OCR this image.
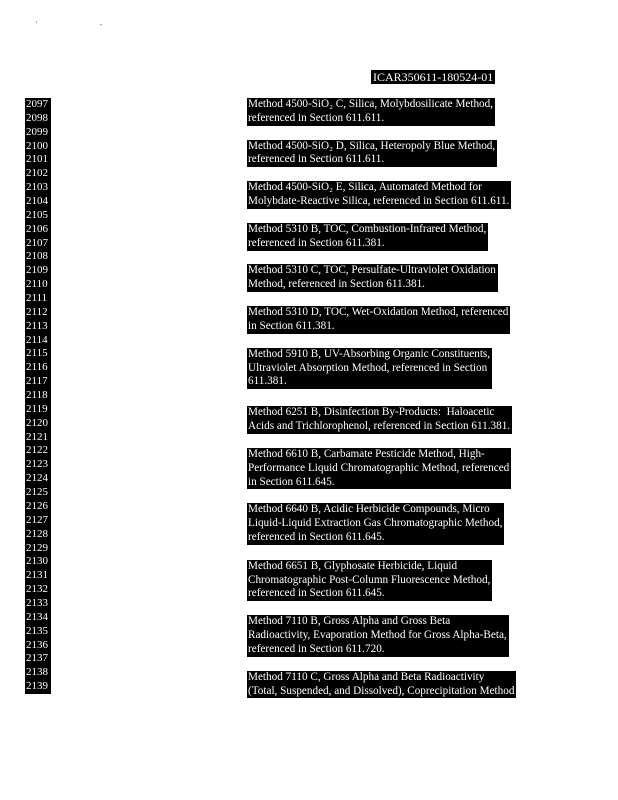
' -
ICAR350611-180524-01
2097
2098
2099
2100
2101
2102
2103
2104
2105
2106
2107
2108
2109
2110
2111
2112
2113
2114
2115
2116
2117
2118
2119
2120
2121
2122
2123
2124
2125
2126
2127
2128
2129
2130
2131
2132
2133
2134
2135
2136
2137
2138
2139
Method 4500-SiO₂ C, Silica, Molybdosilicate Method,
referenced in Section 611.611.
Method 4500-SiO₂ D, Silica, Heteropoly Blue Method,
referenced in Section 611.611.
Method 4500-SiO₂ E, Silica, Automated Method for
Molybdate-Reactive Silica, referenced in Section 611.611.
Method 5310 B, TOC, Combustion-Infrared Method,
referenced in Section 611.381.
Method 5310 C, TOC, Persulfate-Ultraviolet Oxidation
Method, referenced in Section 611.381.
Method 5310 D, TOC, Wet-Oxidation Method, referenced
in Section 611.381.
Method 5910 B, UV-Absorbing Organic Constituents,
Ultraviolet Absorption Method, referenced in Section
611.381.
Method 6251 B, Disinfection By-Products:  Haloacetic
Acids and Trichlorophenol, referenced in Section 611.381.
Method 6610 B, Carbamate Pesticide Method, High-
Performance Liquid Chromatographic Method, referenced
in Section 611.645.
Method 6640 B, Acidic Herbicide Compounds, Micro
Liquid-Liquid Extraction Gas Chromatographic Method,
referenced in Section 611.645.
Method 6651 B, Glyphosate Herbicide, Liquid
Chromatographic Post-Column Fluorescence Method,
referenced in Section 611.645.
Method 7110 B, Gross Alpha and Gross Beta
Radioactivity, Evaporation Method for Gross Alpha-Beta,
referenced in Section 611.720.
Method 7110 C, Gross Alpha and Beta Radioactivity
(Total, Suspended, and Dissolved), Coprecipitation Method
